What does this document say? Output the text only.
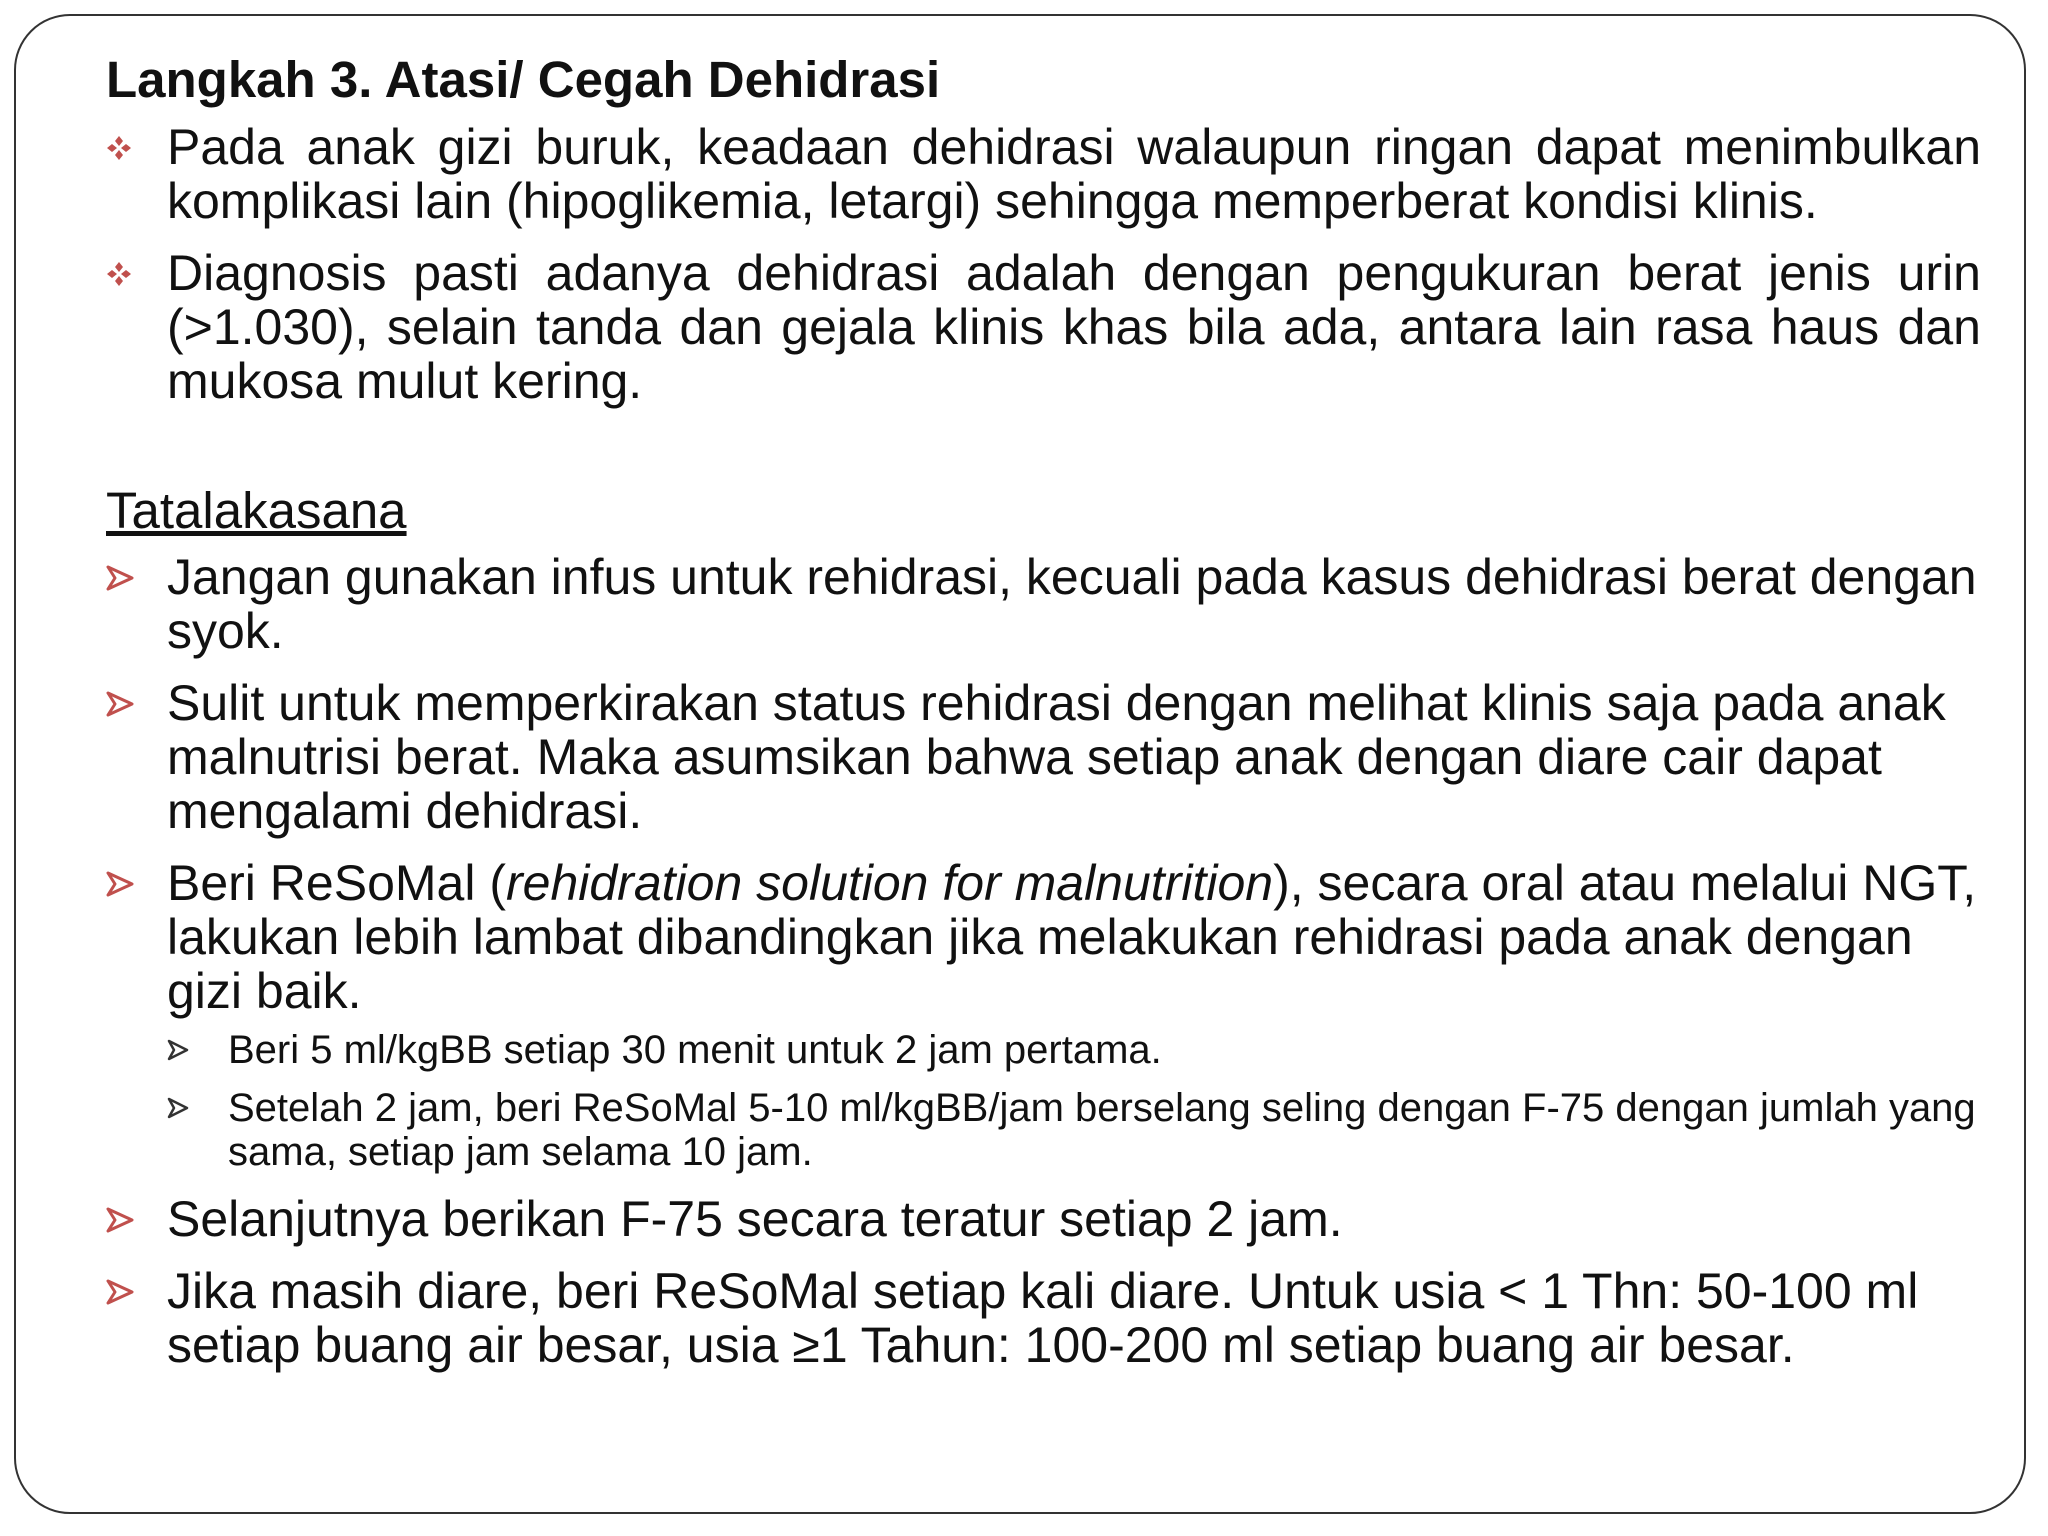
Langkah 3. Atasi/ Cegah Dehidrasi
Pada anak gizi buruk, keadaan dehidrasi walaupun ringan dapat menimbulkan komplikasi lain (hipoglikemia, letargi) sehingga memperberat kondisi klinis.
Diagnosis pasti adanya dehidrasi adalah dengan pengukuran berat jenis urin (>1.030), selain tanda dan gejala klinis khas bila ada, antara lain rasa haus dan mukosa mulut kering.
Tatalakasana
Jangan gunakan infus untuk rehidrasi, kecuali pada kasus dehidrasi berat dengan syok.
Sulit untuk memperkirakan status rehidrasi dengan melihat klinis saja pada anak malnutrisi berat. Maka asumsikan bahwa setiap anak dengan diare cair dapat mengalami dehidrasi.
Beri ReSoMal (rehidration solution for malnutrition), secara oral atau melalui NGT, lakukan lebih lambat dibandingkan jika melakukan rehidrasi pada anak dengan gizi baik.
Beri 5 ml/kgBB setiap 30 menit untuk 2 jam pertama.
Setelah 2 jam, beri ReSoMal 5-10 ml/kgBB/jam berselang seling dengan F-75 dengan jumlah yang sama, setiap jam selama 10 jam.
Selanjutnya berikan F-75 secara teratur setiap 2 jam.
Jika masih diare, beri ReSoMal setiap kali diare. Untuk usia < 1 Thn: 50-100 ml setiap buang air besar, usia ≥1 Tahun: 100-200 ml setiap buang air besar.
